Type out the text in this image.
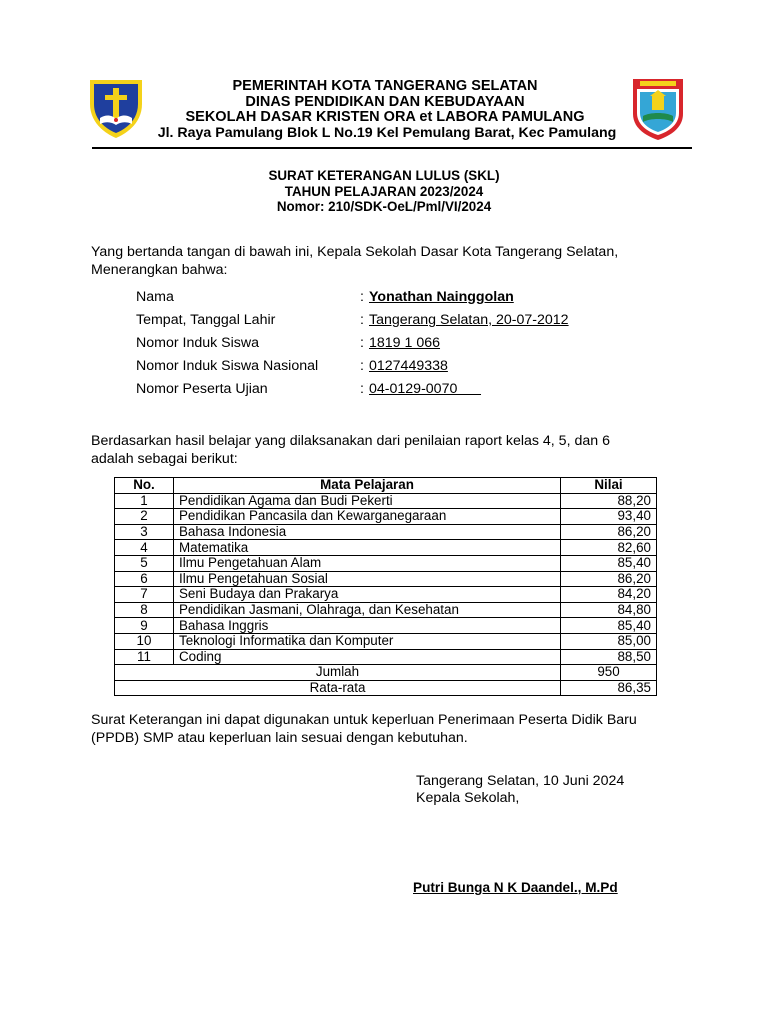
PEMERINTAH KOTA TANGERANG SELATAN
DINAS PENDIDIKAN DAN KEBUDAYAAN
SEKOLAH DASAR KRISTEN ORA et LABORA PAMULANG
Jl. Raya Pamulang Blok L No.19 Kel Pemulang Barat, Kec Pamulang
SURAT KETERANGAN LULUS (SKL)
TAHUN PELAJARAN 2023/2024
Nomor: 210/SDK-OeL/Pml/VI/2024
Yang bertanda tangan di bawah ini, Kepala Sekolah Dasar Kota Tangerang Selatan,
Menerangkan bahwa:
Nama	: Yonathan Nainggolan
Tempat, Tanggal Lahir	: Tangerang Selatan, 20-07-2012
Nomor Induk Siswa	: 1819 1 066
Nomor Induk Siswa Nasional	: 0127449338
Nomor Peserta Ujian	: 04-0129-0070
Berdasarkan hasil belajar yang dilaksanakan dari penilaian raport kelas 4, 5, dan 6
adalah sebagai berikut:
No.	Mata Pelajaran	Nilai
1	Pendidikan Agama dan Budi Pekerti	88,20
2	Pendidikan Pancasila dan Kewarganegaraan	93,40
3	Bahasa Indonesia	86,20
4	Matematika	82,60
5	Ilmu Pengetahuan Alam	85,40
6	Ilmu Pengetahuan Sosial	86,20
7	Seni Budaya dan Prakarya	84,20
8	Pendidikan Jasmani, Olahraga, dan Kesehatan	84,80
9	Bahasa Inggris	85,40
10	Teknologi Informatika dan Komputer	85,00
11	Coding	88,50
Jumlah		950
Rata-rata		86,35
Surat Keterangan ini dapat digunakan untuk keperluan Penerimaan Peserta Didik Baru
(PPDB) SMP atau keperluan lain sesuai dengan kebutuhan.
Tangerang Selatan, 10 Juni 2024
Kepala Sekolah,
Putri Bunga N K Daandel., M.Pd
